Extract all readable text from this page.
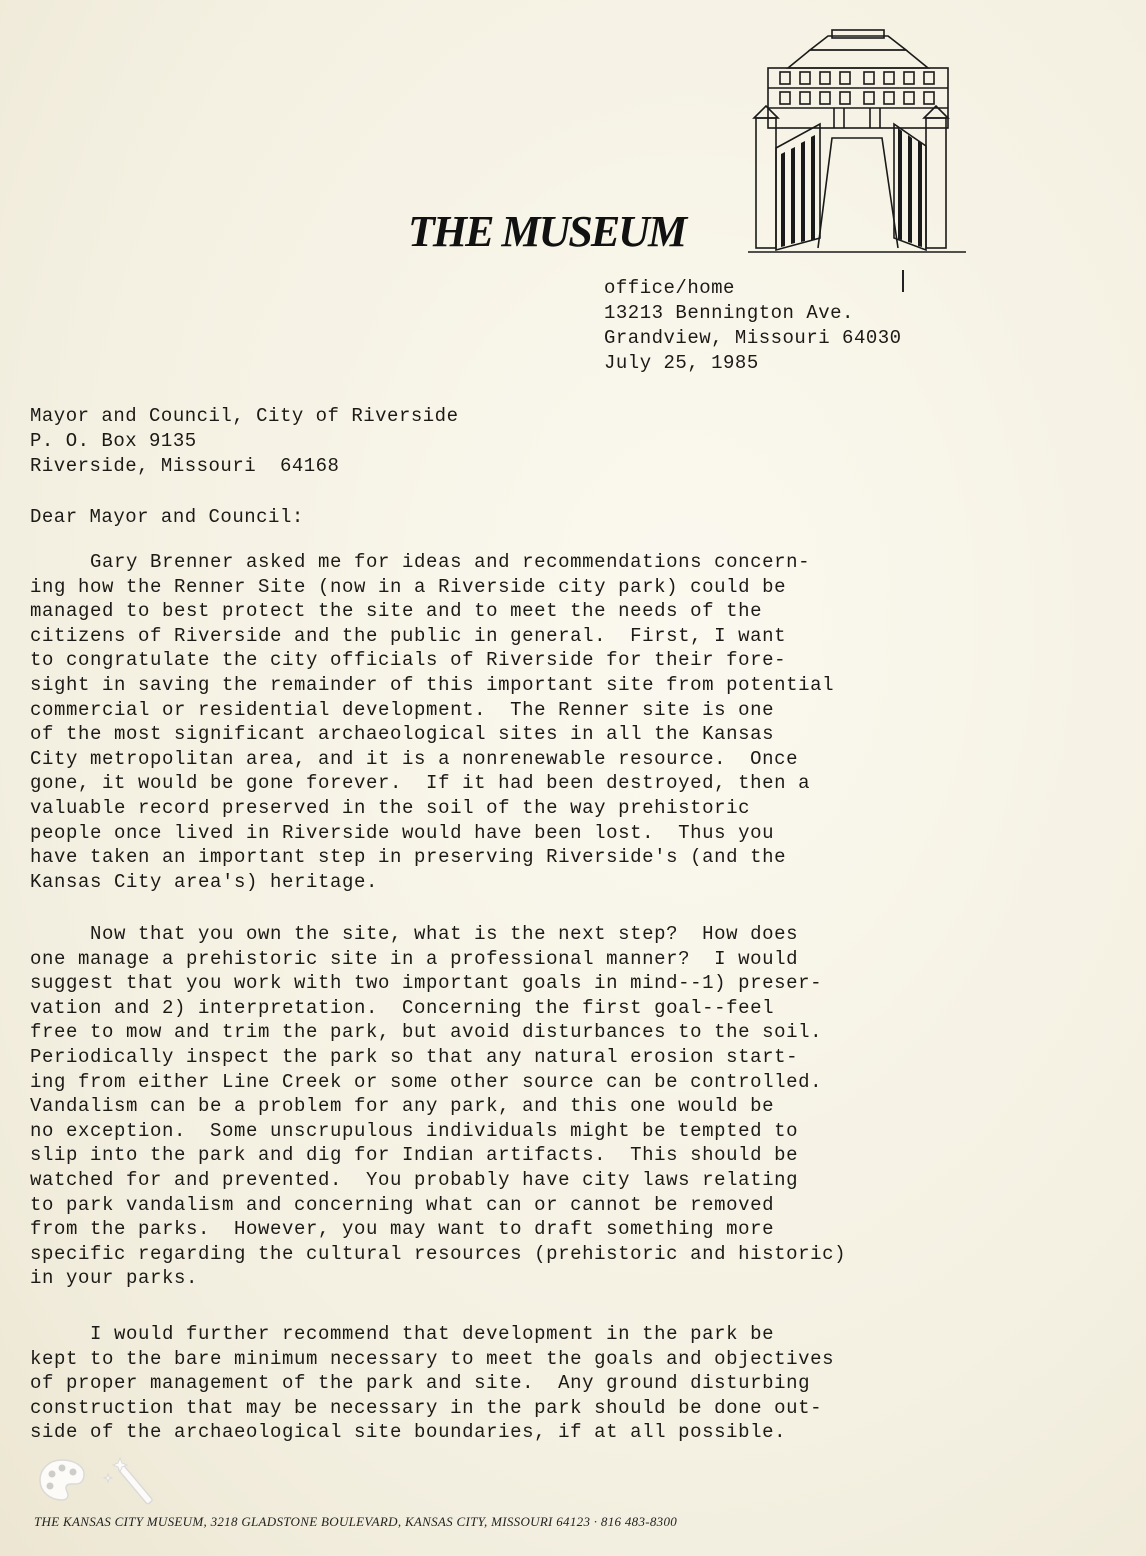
THE MUSEUM
office/home
13213 Bennington Ave.
Grandview, Missouri 64030
July 25, 1985
Mayor and Council, City of Riverside
P. O. Box 9135
Riverside, Missouri  64168
Dear Mayor and Council:
Gary Brenner asked me for ideas and recommendations concern-
ing how the Renner Site (now in a Riverside city park) could be
managed to best protect the site and to meet the needs of the
citizens of Riverside and the public in general.  First, I want
to congratulate the city officials of Riverside for their fore-
sight in saving the remainder of this important site from potential
commercial or residential development.  The Renner site is one
of the most significant archaeological sites in all the Kansas
City metropolitan area, and it is a nonrenewable resource.  Once
gone, it would be gone forever.  If it had been destroyed, then a
valuable record preserved in the soil of the way prehistoric
people once lived in Riverside would have been lost.  Thus you
have taken an important step in preserving Riverside's (and the
Kansas City area's) heritage.
Now that you own the site, what is the next step?  How does
one manage a prehistoric site in a professional manner?  I would
suggest that you work with two important goals in mind--1) preser-
vation and 2) interpretation.  Concerning the first goal--feel
free to mow and trim the park, but avoid disturbances to the soil.
Periodically inspect the park so that any natural erosion start-
ing from either Line Creek or some other source can be controlled.
Vandalism can be a problem for any park, and this one would be
no exception.  Some unscrupulous individuals might be tempted to
slip into the park and dig for Indian artifacts.  This should be
watched for and prevented.  You probably have city laws relating
to park vandalism and concerning what can or cannot be removed
from the parks.  However, you may want to draft something more
specific regarding the cultural resources (prehistoric and historic)
in your parks.
I would further recommend that development in the park be
kept to the bare minimum necessary to meet the goals and objectives
of proper management of the park and site.  Any ground disturbing
construction that may be necessary in the park should be done out-
side of the archaeological site boundaries, if at all possible.
THE KANSAS CITY MUSEUM, 3218 GLADSTONE BOULEVARD, KANSAS CITY, MISSOURI 64123 · 816 483-8300
